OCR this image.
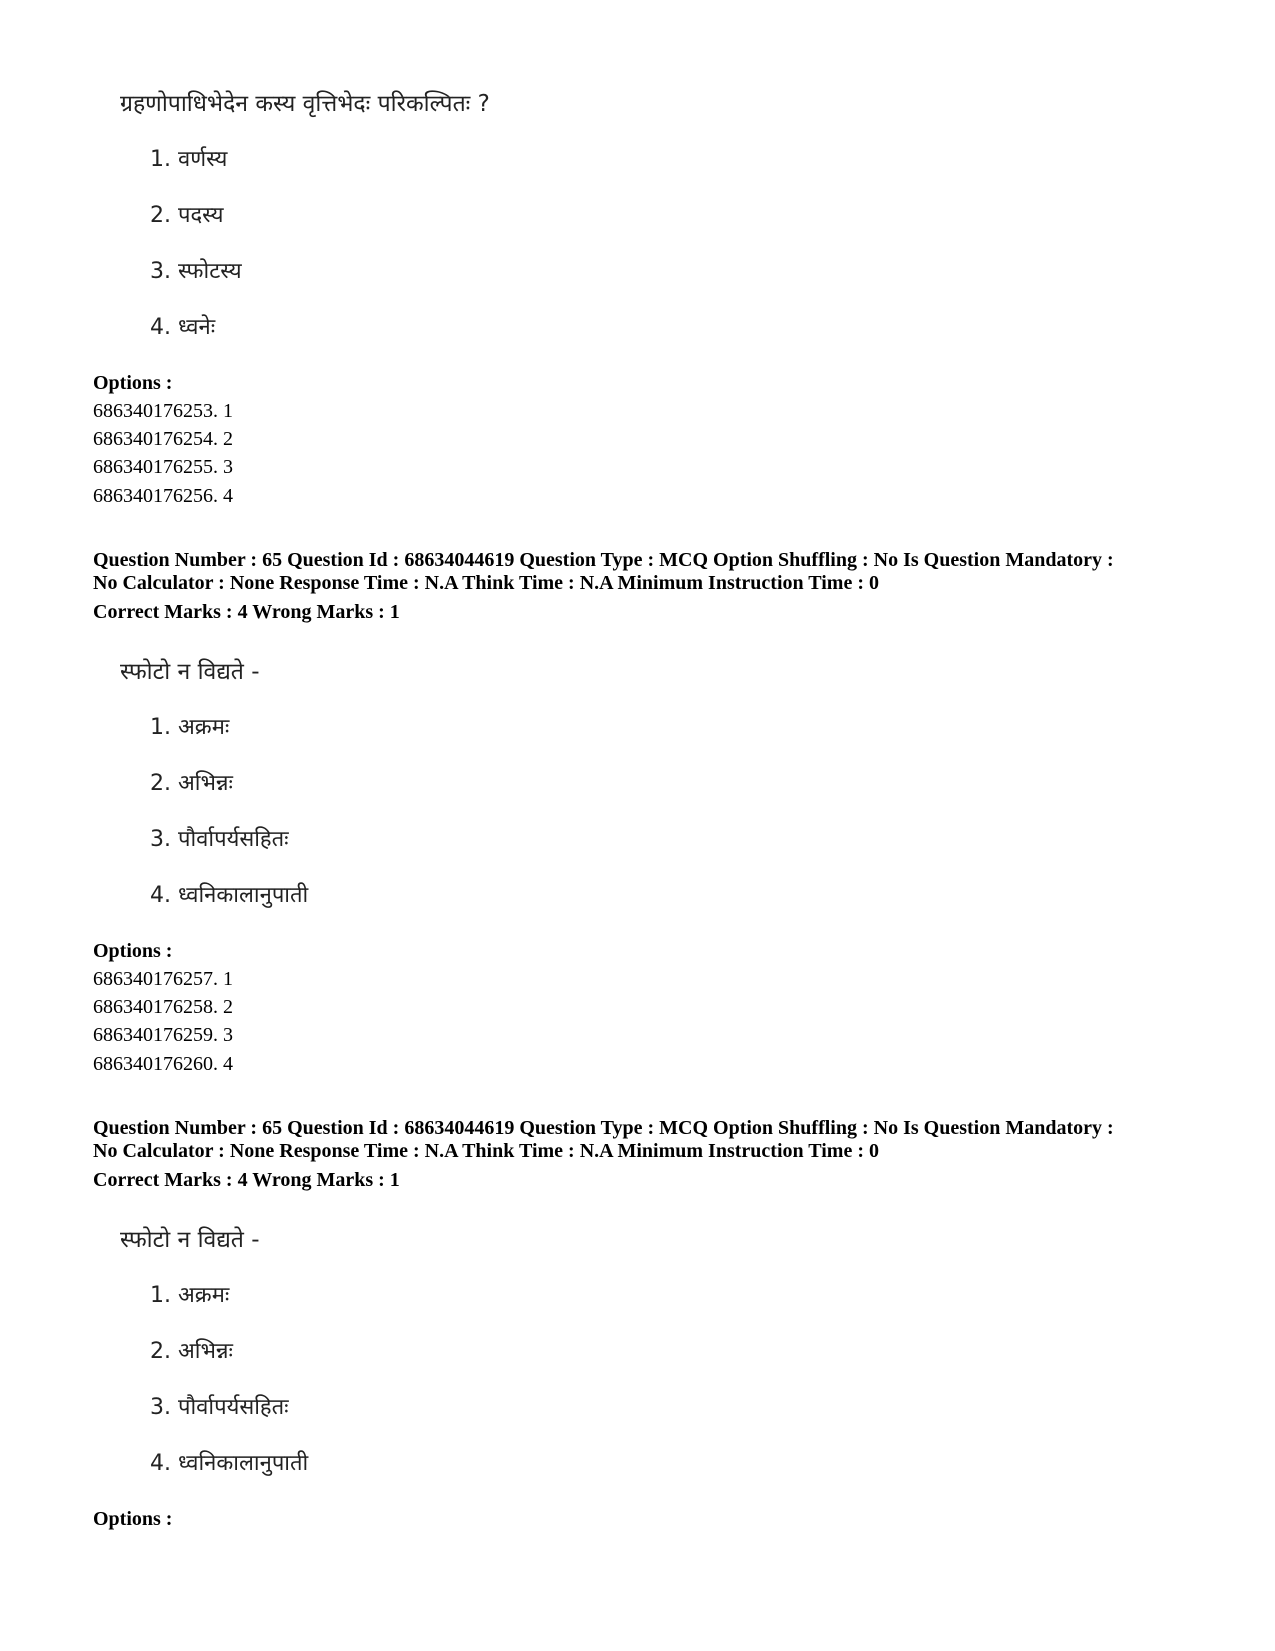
ग्रहणोपाधिभेदेन कस्य वृत्तिभेदः परिकल्पितः ?
1. वर्णस्य
2. पदस्य
3. स्फोटस्य
4. ध्वनेः
Options :
686340176253. 1
686340176254. 2
686340176255. 3
686340176256. 4
Question Number : 65 Question Id : 68634044619 Question Type : MCQ Option Shuffling : No Is Question Mandatory :
No Calculator : None Response Time : N.A Think Time : N.A Minimum Instruction Time : 0
Correct Marks : 4 Wrong Marks : 1
स्फोटो न विद्यते -
1. अक्रमः
2. अभिन्नः
3. पौर्वापर्यसहितः
4. ध्वनिकालानुपाती
Options :
686340176257. 1
686340176258. 2
686340176259. 3
686340176260. 4
Question Number : 65 Question Id : 68634044619 Question Type : MCQ Option Shuffling : No Is Question Mandatory :
No Calculator : None Response Time : N.A Think Time : N.A Minimum Instruction Time : 0
Correct Marks : 4 Wrong Marks : 1
स्फोटो न विद्यते -
1. अक्रमः
2. अभिन्नः
3. पौर्वापर्यसहितः
4. ध्वनिकालानुपाती
Options :
